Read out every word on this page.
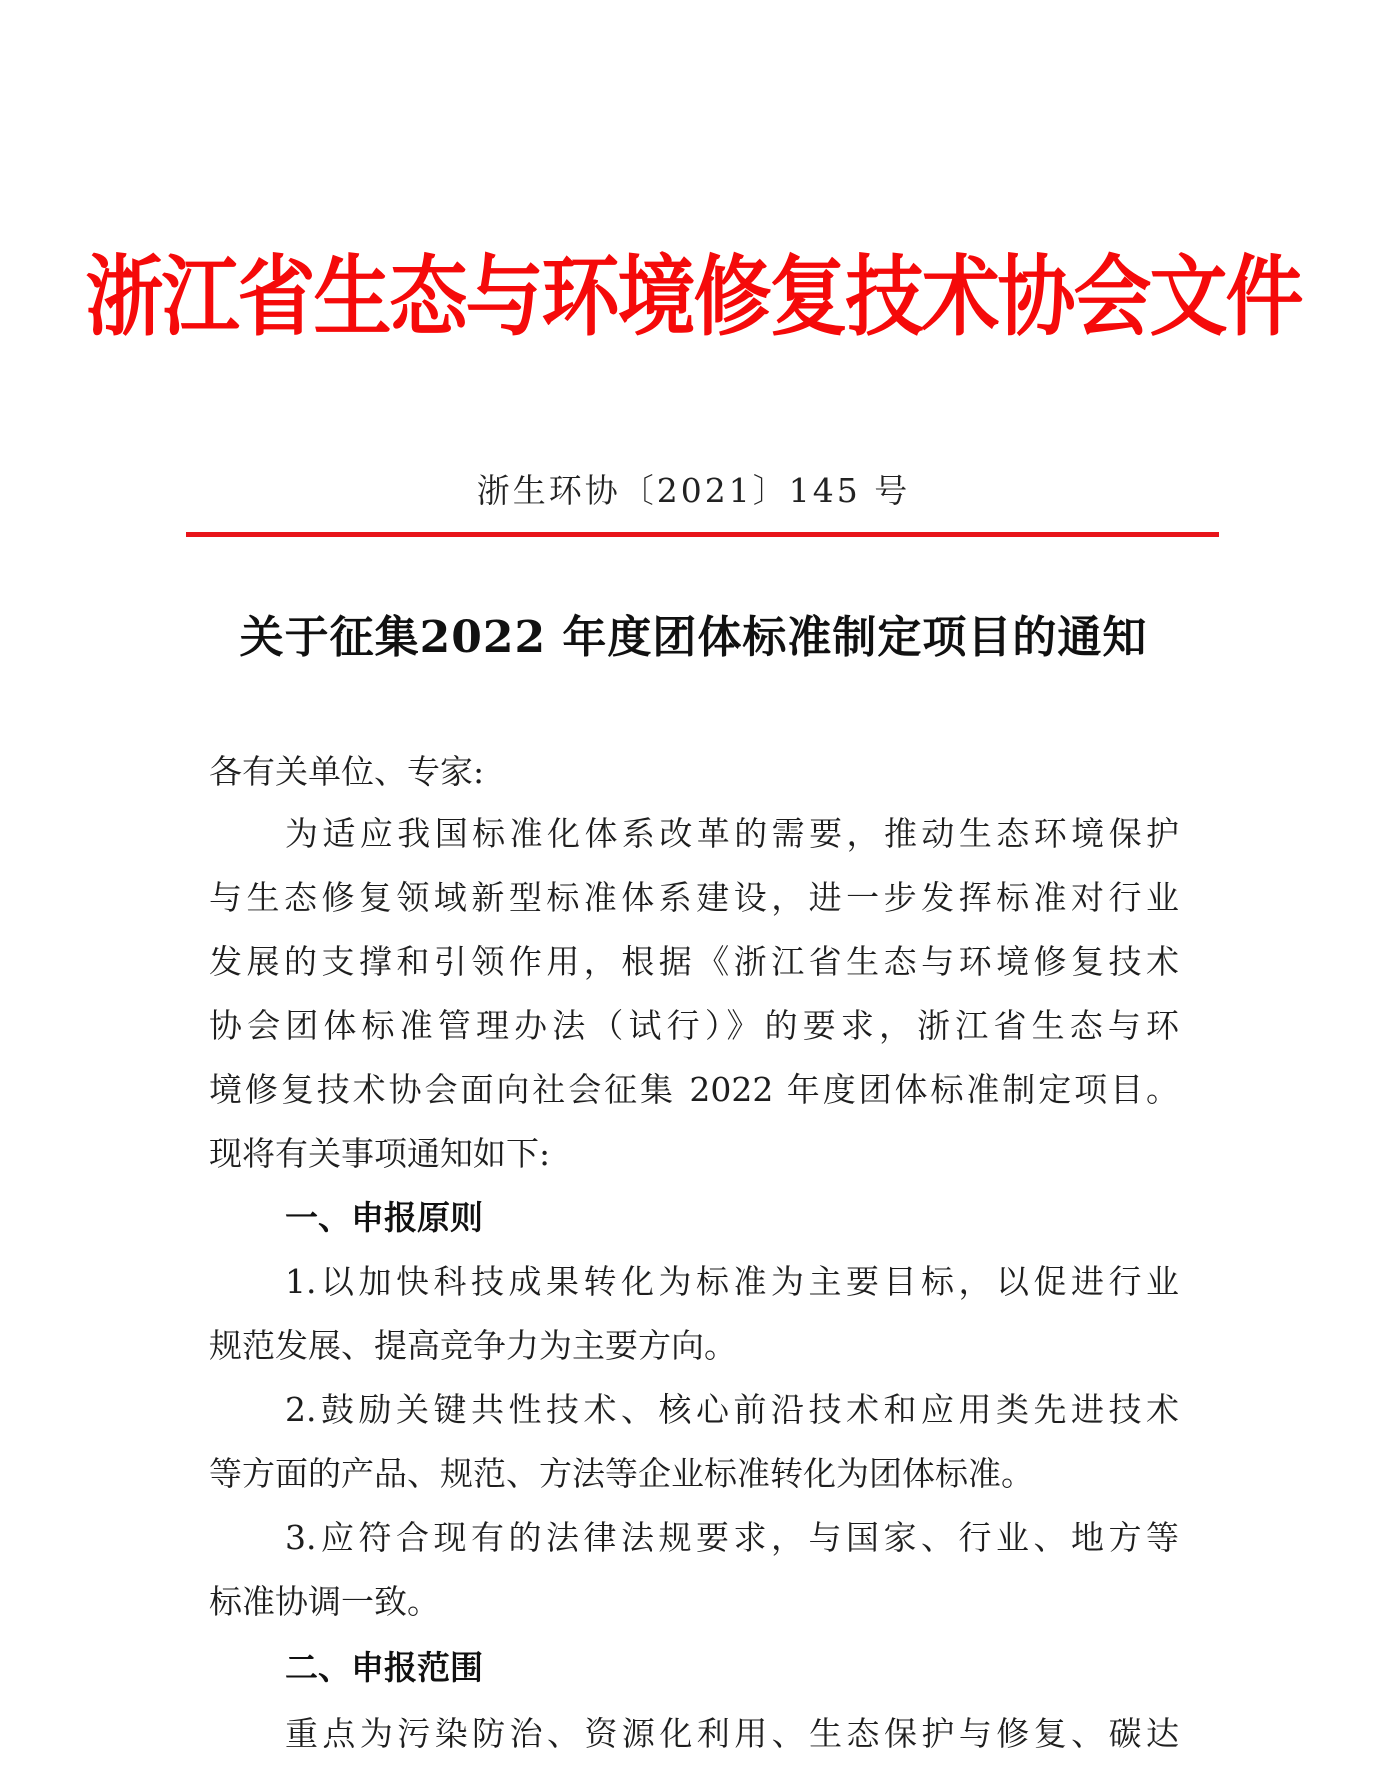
浙江省生态与环境修复技术协会文件
浙生环协〔2021〕145 号
关于征集2022 年度团体标准制定项目的通知
各有关单位、专家:
为适应我国标准化体系改革的需要，推动生态环境保护
与生态修复领域新型标准体系建设，进一步发挥标准对行业
发展的支撑和引领作用，根据《浙江省生态与环境修复技术
协会团体标准管理办法（试行）》的要求，浙江省生态与环
境修复技术协会面向社会征集 2022 年度团体标准制定项目。
现将有关事项通知如下:
一、申报原则
1.以加快科技成果转化为标准为主要目标，以促进行业
规范发展、提高竞争力为主要方向。
2.鼓励关键共性技术、核心前沿技术和应用类先进技术
等方面的产品、规范、方法等企业标准转化为团体标准。
3.应符合现有的法律法规要求，与国家、行业、地方等
标准协调一致。
二、申报范围
重点为污染防治、资源化利用、生态保护与修复、碳达
